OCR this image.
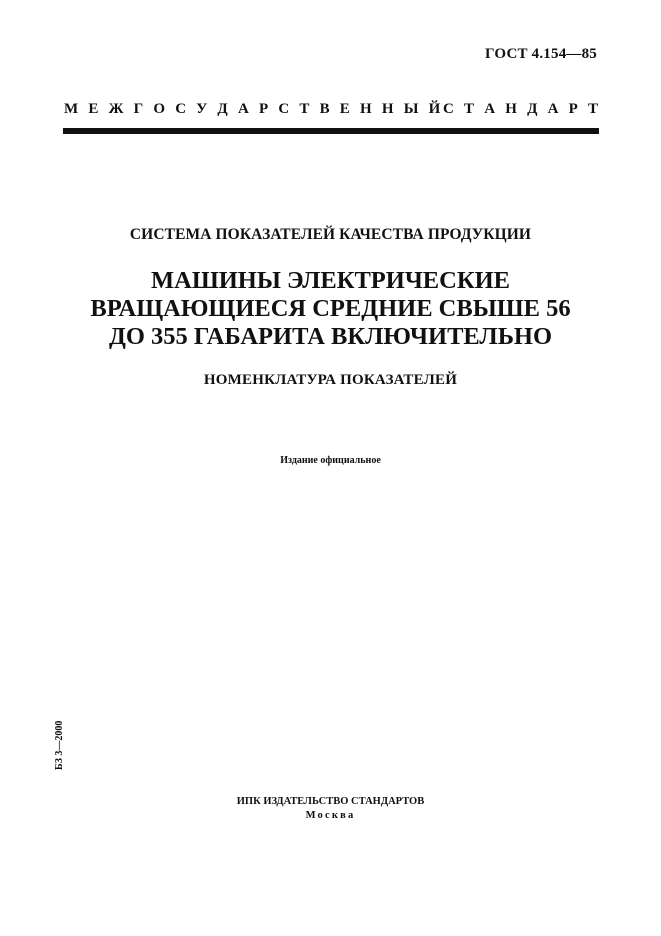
ГОСТ 4.154—85
М Е Ж Г О С У Д А Р С Т В Е Н Н Ы Й С Т А Н Д А Р Т
СИСТЕМА ПОКАЗАТЕЛЕЙ КАЧЕСТВА ПРОДУКЦИИ
МАШИНЫ ЭЛЕКТРИЧЕСКИЕ
ВРАЩАЮЩИЕСЯ СРЕДНИЕ СВЫШЕ 56
ДО 355 ГАБАРИТА ВКЛЮЧИТЕЛЬНО
НОМЕНКЛАТУРА ПОКАЗАТЕЛЕЙ
Издание официальное
БЗ 3—2000
ИПК ИЗДАТЕЛЬСТВО СТАНДАРТОВ
Москва
